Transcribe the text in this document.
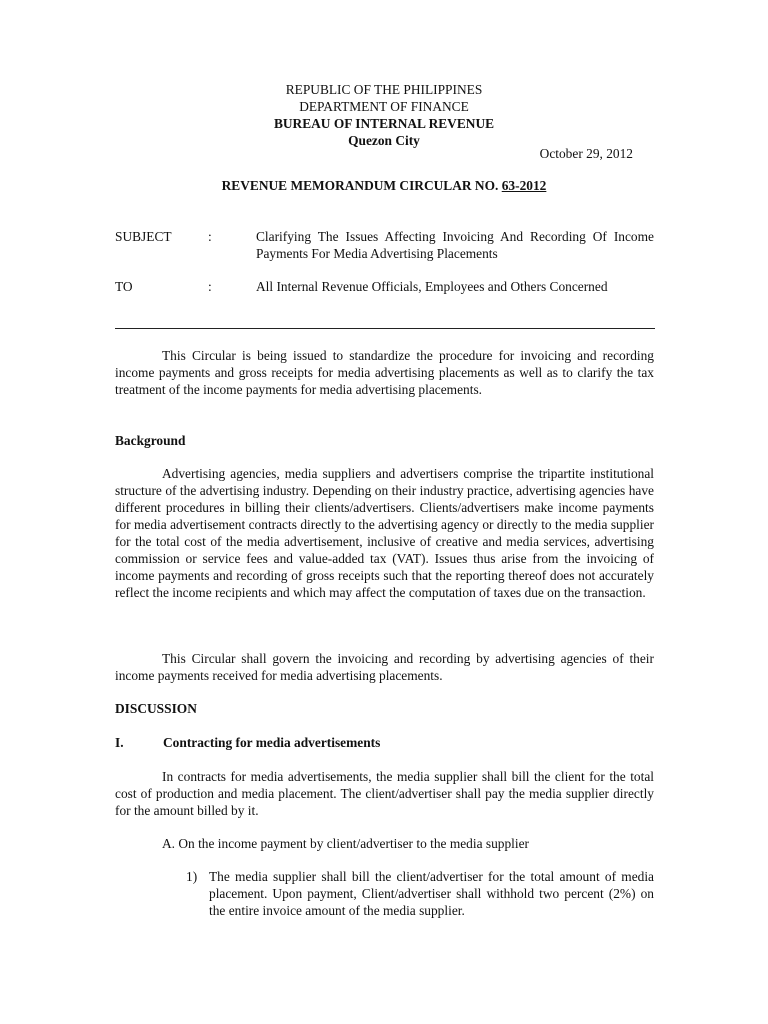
REPUBLIC OF THE PHILIPPINES
DEPARTMENT OF FINANCE
BUREAU OF INTERNAL REVENUE
Quezon City
October 29, 2012
REVENUE MEMORANDUM CIRCULAR NO. 63-2012
SUBJECT	:	Clarifying The Issues Affecting Invoicing And Recording Of Income Payments For Media Advertising Placements
TO	:	All Internal Revenue Officials, Employees and Others Concerned
This Circular is being issued to standardize the procedure for invoicing and recording income payments and gross receipts for media advertising placements as well as to clarify the tax treatment of the income payments for media advertising placements.
Background
Advertising agencies, media suppliers and advertisers comprise the tripartite institutional structure of the advertising industry. Depending on their industry practice, advertising agencies have different procedures in billing their clients/advertisers. Clients/advertisers make income payments for media advertisement contracts directly to the advertising agency or directly to the media supplier for the total cost of the media advertisement, inclusive of creative and media services, advertising commission or service fees and value-added tax (VAT). Issues thus arise from the invoicing of income payments and recording of gross receipts such that the reporting thereof does not accurately reflect the income recipients and which may affect the computation of taxes due on the transaction.
This Circular shall govern the invoicing and recording by advertising agencies of their income payments received for media advertising placements.
DISCUSSION
I.	Contracting for media advertisements
In contracts for media advertisements, the media supplier shall bill the client for the total cost of production and media placement. The client/advertiser shall pay the media supplier directly for the amount billed by it.
A. On the income payment by client/advertiser to the media supplier
1) The media supplier shall bill the client/advertiser for the total amount of media placement. Upon payment, Client/advertiser shall withhold two percent (2%) on the entire invoice amount of the media supplier.
